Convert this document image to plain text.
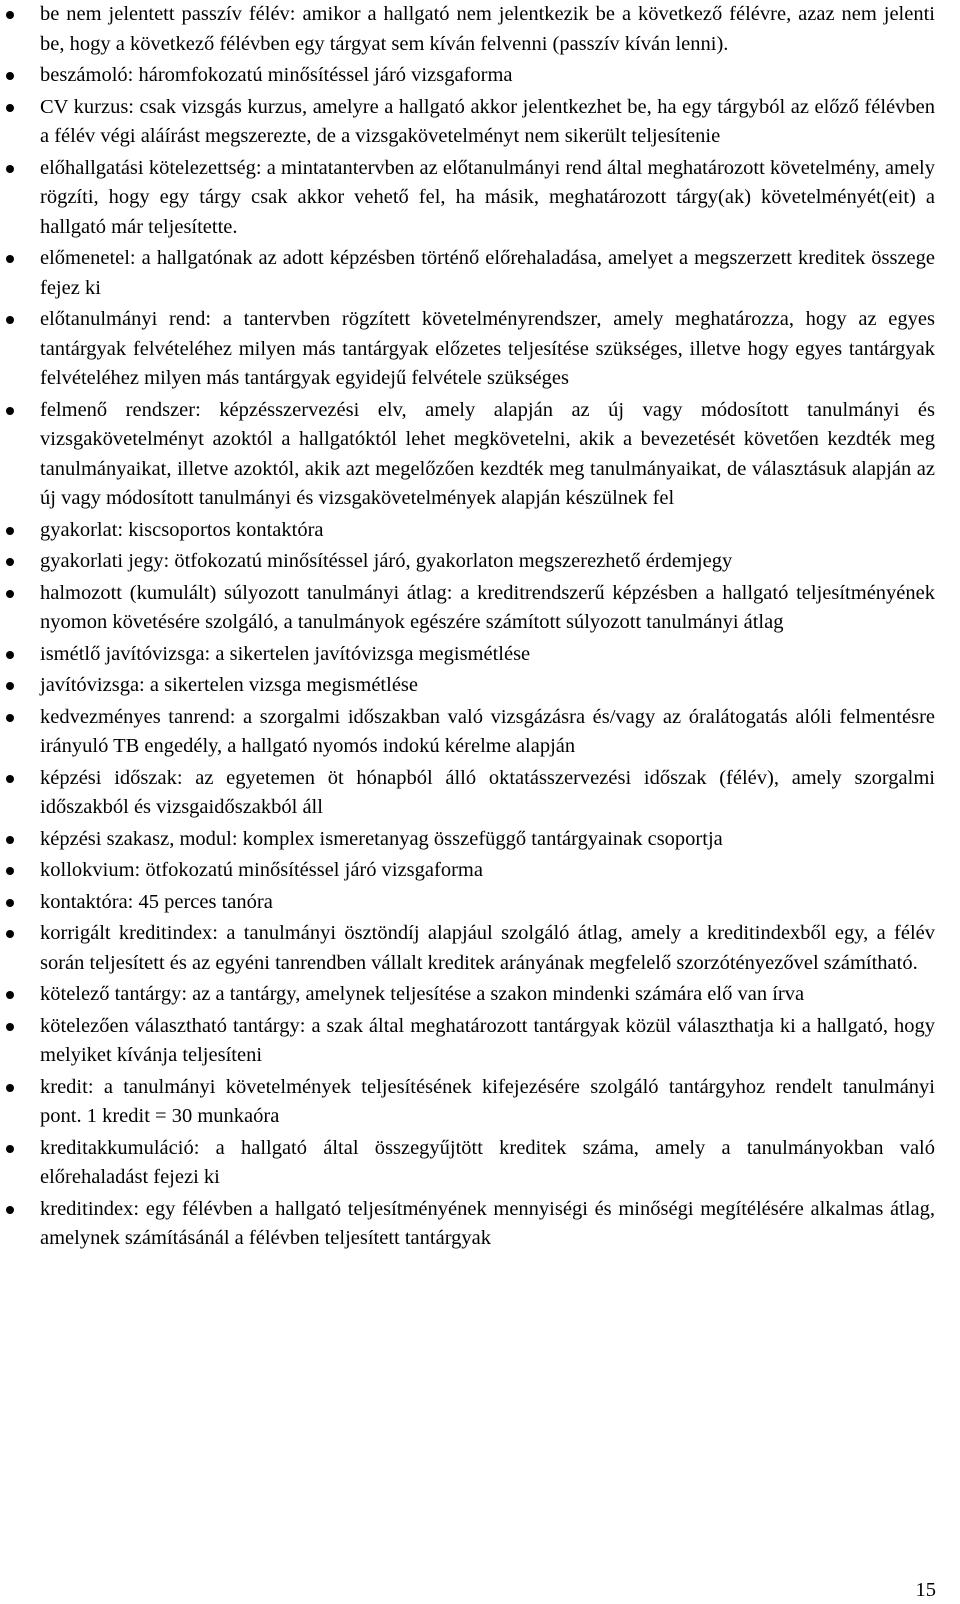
be nem jelentett passzív félév: amikor a hallgató nem jelentkezik be a következő félévre, azaz nem jelenti be, hogy a következő félévben egy tárgyat sem kíván felvenni (passzív kíván lenni).
beszámoló: háromfokozatú minősítéssel járó vizsgaforma
CV kurzus: csak vizsgás kurzus, amelyre a hallgató akkor jelentkezhet be, ha egy tárgyból az előző félévben a félév végi aláírást megszerezte, de a vizsgakövetelményt nem sikerült teljesítenie
előhallgatási kötelezettség: a mintatantervben az előtanulmányi rend által meghatározott követelmény, amely rögzíti, hogy egy tárgy csak akkor vehető fel, ha másik, meghatározott tárgy(ak) követelményét(eit) a hallgató már teljesítette.
előmenetel: a hallgatónak az adott képzésben történő előrehaladása, amelyet a megszerzett kreditek összege fejez ki
előtanulmányi rend: a tantervben rögzített követelményrendszer, amely meghatározza, hogy az egyes tantárgyak felvételéhez milyen más tantárgyak előzetes teljesítése szükséges, illetve hogy egyes tantárgyak felvételéhez milyen más tantárgyak egyidejű felvétele szükséges
felmenő rendszer: képzésszervezési elv, amely alapján az új vagy módosított tanulmányi és vizsgakövetelményt azoktól a hallgatóktól lehet megkövetelni, akik a bevezetését követően kezdték meg tanulmányaikat, illetve azoktól, akik azt megelőzően kezdték meg tanulmányaikat, de választásuk alapján az új vagy módosított tanulmányi és vizsgakövetelmények alapján készülnek fel
gyakorlat: kiscsoportos kontaktóra
gyakorlati jegy: ötfokozatú minősítéssel járó, gyakorlaton megszerezhető érdemjegy
halmozott (kumulált) súlyozott tanulmányi átlag: a kreditrendszerű képzésben a hallgató teljesítményének nyomon követésére szolgáló, a tanulmányok egészére számított súlyozott tanulmányi átlag
ismétlő javítóvizsga: a sikertelen javítóvizsga megismétlése
javítóvizsga: a sikertelen vizsga megismétlése
kedvezményes tanrend: a szorgalmi időszakban való vizsgázásra és/vagy az óralátogatás alóli felmentésre irányuló TB engedély, a hallgató nyomós indokú kérelme alapján
képzési időszak: az egyetemen öt hónapból álló oktatásszervezési időszak (félév), amely szorgalmi időszakból és vizsgaidőszakból áll
képzési szakasz, modul: komplex ismeretanyag összefüggő tantárgyainak csoportja
kollokvium: ötfokozatú minősítéssel járó vizsgaforma
kontaktóra: 45 perces tanóra
korrigált kreditindex: a tanulmányi ösztöndíj alapjául szolgáló átlag, amely a kreditindexből egy, a félév során teljesített és az egyéni tanrendben vállalt kreditek arányának megfelelő szorzótényezővel számítható.
kötelező tantárgy: az a tantárgy, amelynek teljesítése a szakon mindenki számára elő van írva
kötelezően választható tantárgy: a szak által meghatározott tantárgyak közül választhatja ki a hallgató, hogy melyiket kívánja teljesíteni
kredit: a tanulmányi követelmények teljesítésének kifejezésére szolgáló tantárgyhoz rendelt tanulmányi pont. 1 kredit = 30 munkaóra
kreditakkumuláció: a hallgató által összegyűjtött kreditek száma, amely a tanulmányokban való előrehaladást fejezi ki
kreditindex: egy félévben a hallgató teljesítményének mennyiségi és minőségi megítélésére alkalmas átlag, amelynek számításánál a félévben teljesített tantárgyak
15
